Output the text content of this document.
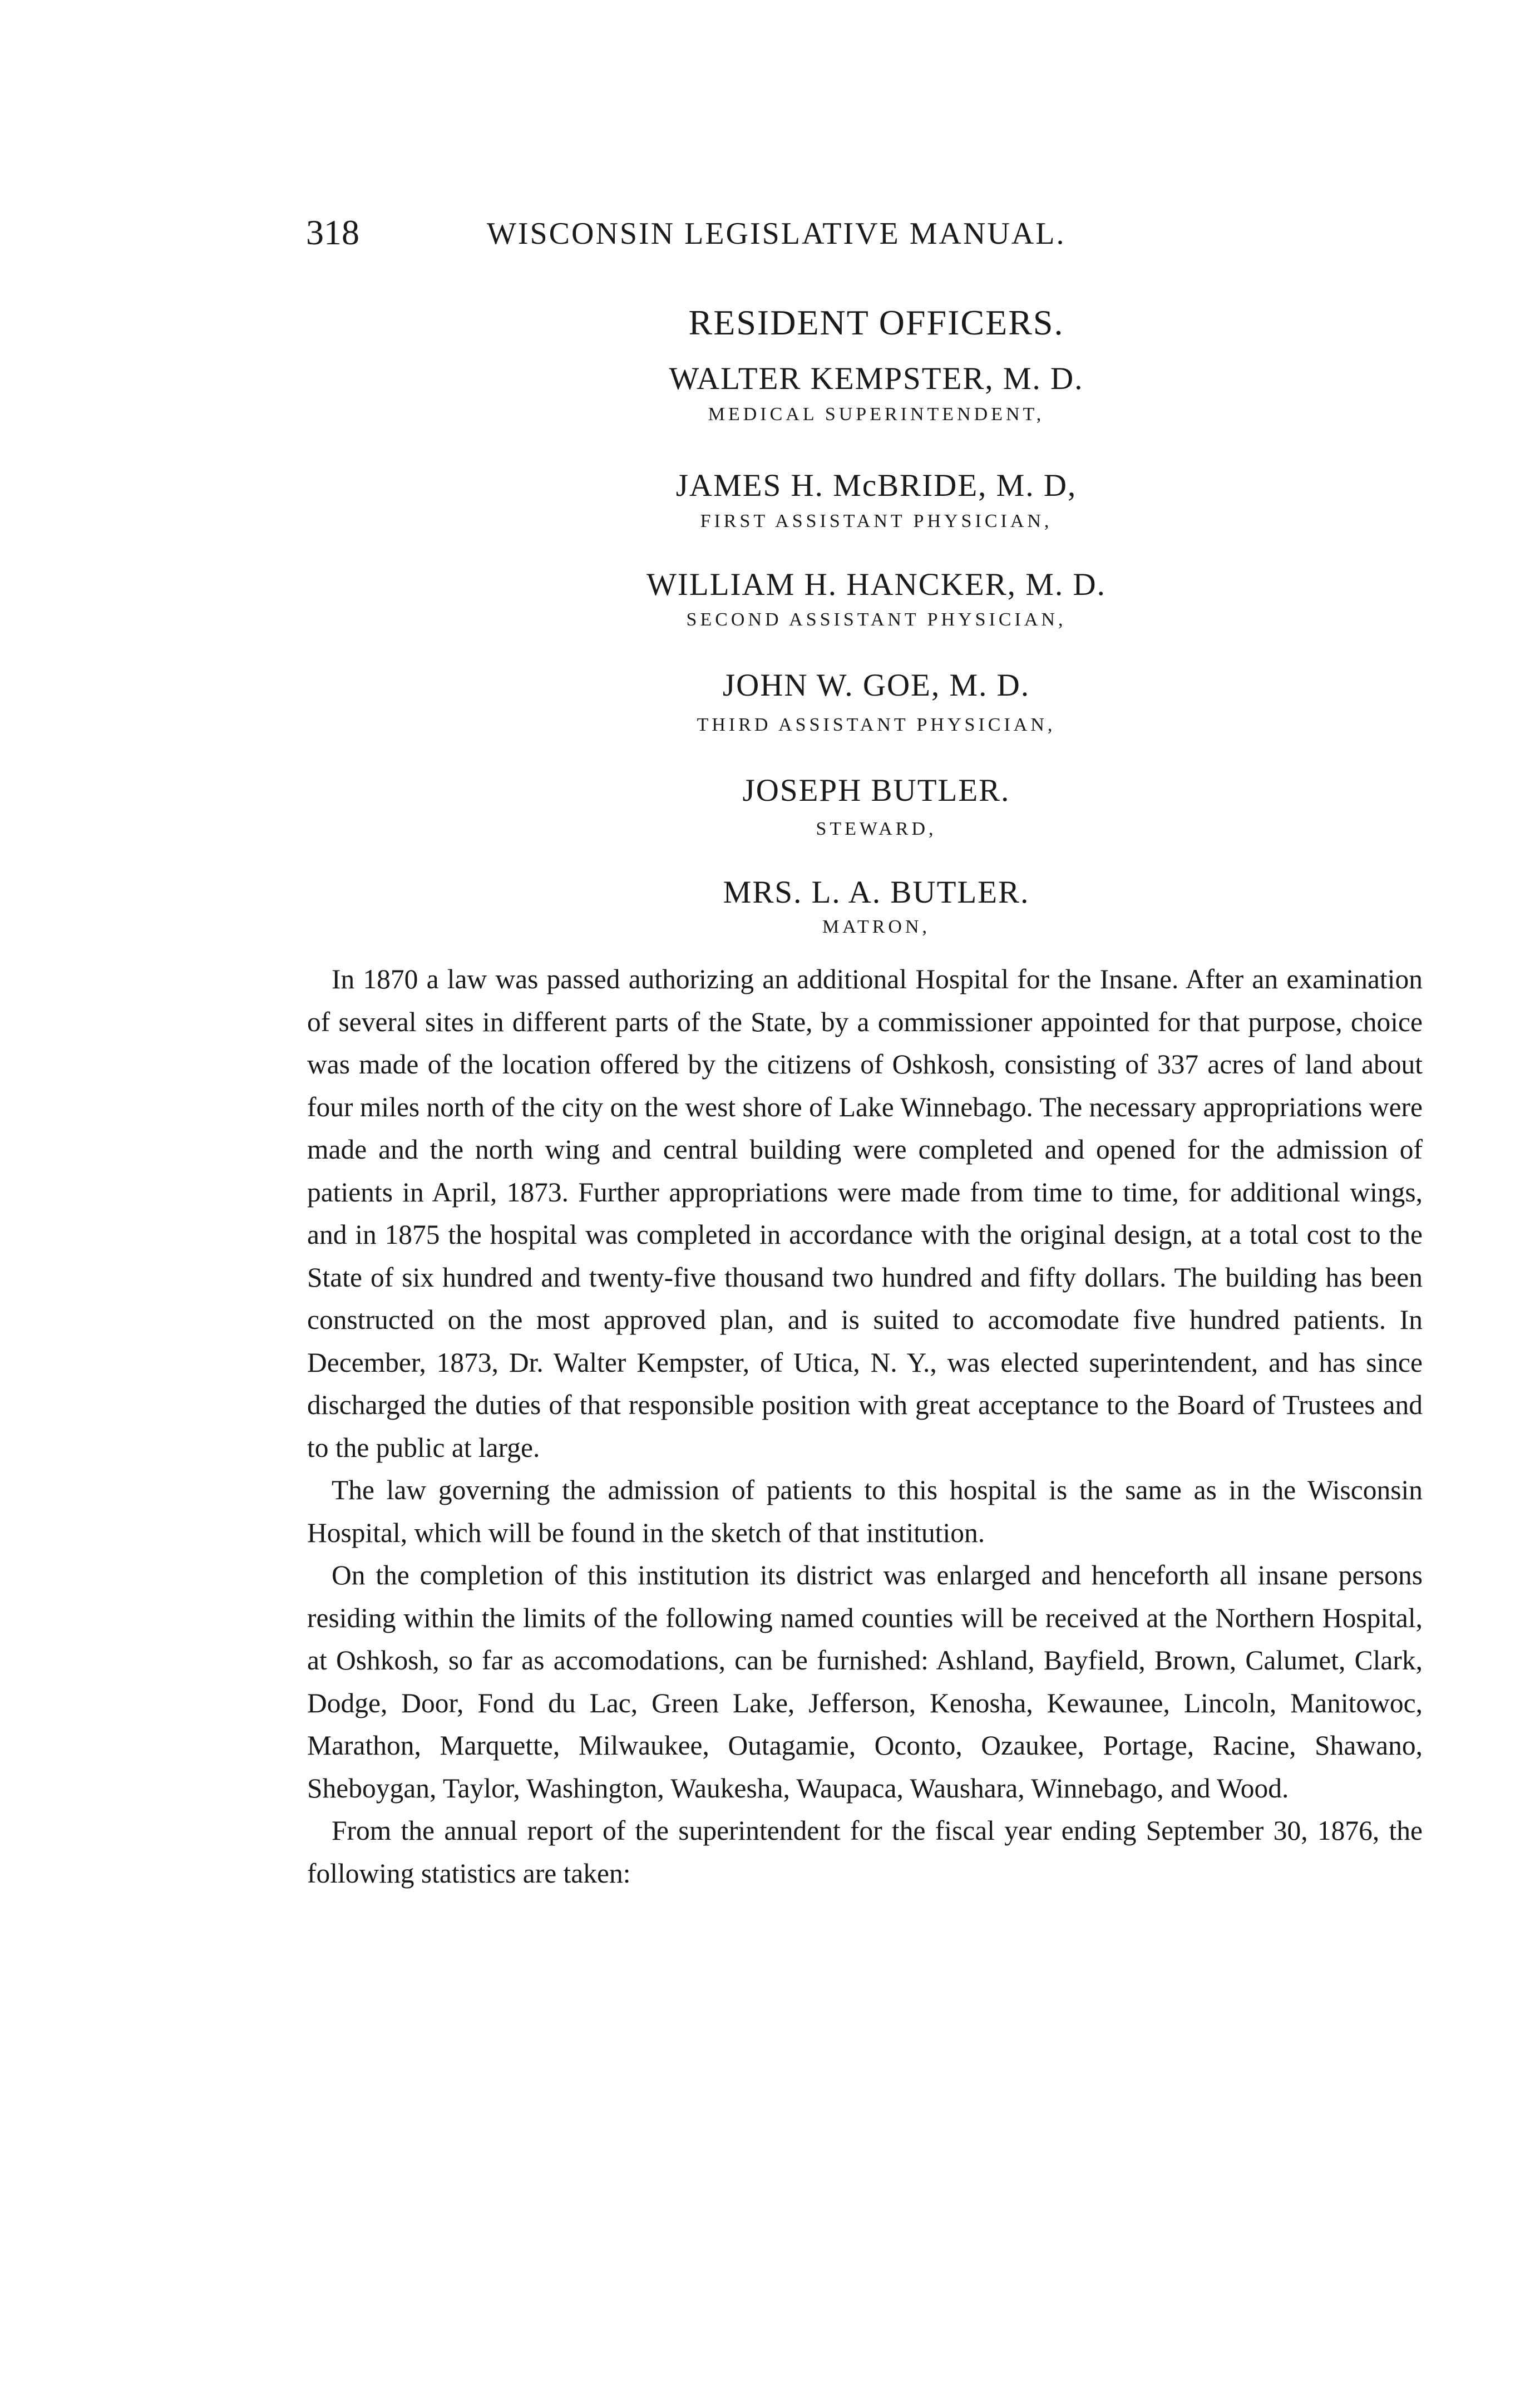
318	WISCONSIN LEGISLATIVE MANUAL.
RESIDENT OFFICERS.
WALTER KEMPSTER, M. D.
MEDICAL SUPERINTENDENT,
JAMES H. McBRIDE, M. D,
FIRST ASSISTANT PHYSICIAN,
WILLIAM H. HANCKER, M. D.
SECOND ASSISTANT PHYSICIAN,
JOHN W. GOE, M. D.
THIRD ASSISTANT PHYSICIAN,
JOSEPH BUTLER.
STEWARD,
MRS. L. A. BUTLER.
MATRON,

In 1870 a law was passed authorizing an additional Hospital for the Insane. After an examination of several sites in different parts of the State, by a commissioner appointed for that purpose, choice was made of the location offered by the citizens of Oshkosh, consisting of 337 acres of land about four miles north of the city on the west shore of Lake Winnebago. The necessary appropriations were made and the north wing and central building were completed and opened for the admission of patients in April, 1873. Further appropriations were made from time to time, for additional wings, and in 1875 the hospital was completed in accordance with the original design, at a total cost to the State of six hundred and twenty-five thousand two hundred and fifty dollars. The building has been constructed on the most approved plan, and is suited to accomodate five hundred patients. In December, 1873, Dr. Walter Kempster, of Utica, N. Y., was elected superintendent, and has since discharged the duties of that responsible position with great acceptance to the Board of Trustees and to the public at large.

The law governing the admission of patients to this hospital is the same as in the Wisconsin Hospital, which will be found in the sketch of that institution.

On the completion of this institution its district was enlarged and henceforth all insane persons residing within the limits of the following named counties will be received at the Northern Hospital, at Oshkosh, so far as accomodations, can be furnished: Ashland, Bayfield, Brown, Calumet, Clark, Dodge, Door, Fond du Lac, Green Lake, Jefferson, Kenosha, Kewaunee, Lincoln, Manitowoc, Marathon, Marquette, Milwaukee, Outagamie, Oconto, Ozaukee, Portage, Racine, Shawano, Sheboygan, Taylor, Washington, Waukesha, Waupaca, Waushara, Winnebago, and Wood.

From the annual report of the superintendent for the fiscal year ending September 30, 1876, the following statistics are taken:
